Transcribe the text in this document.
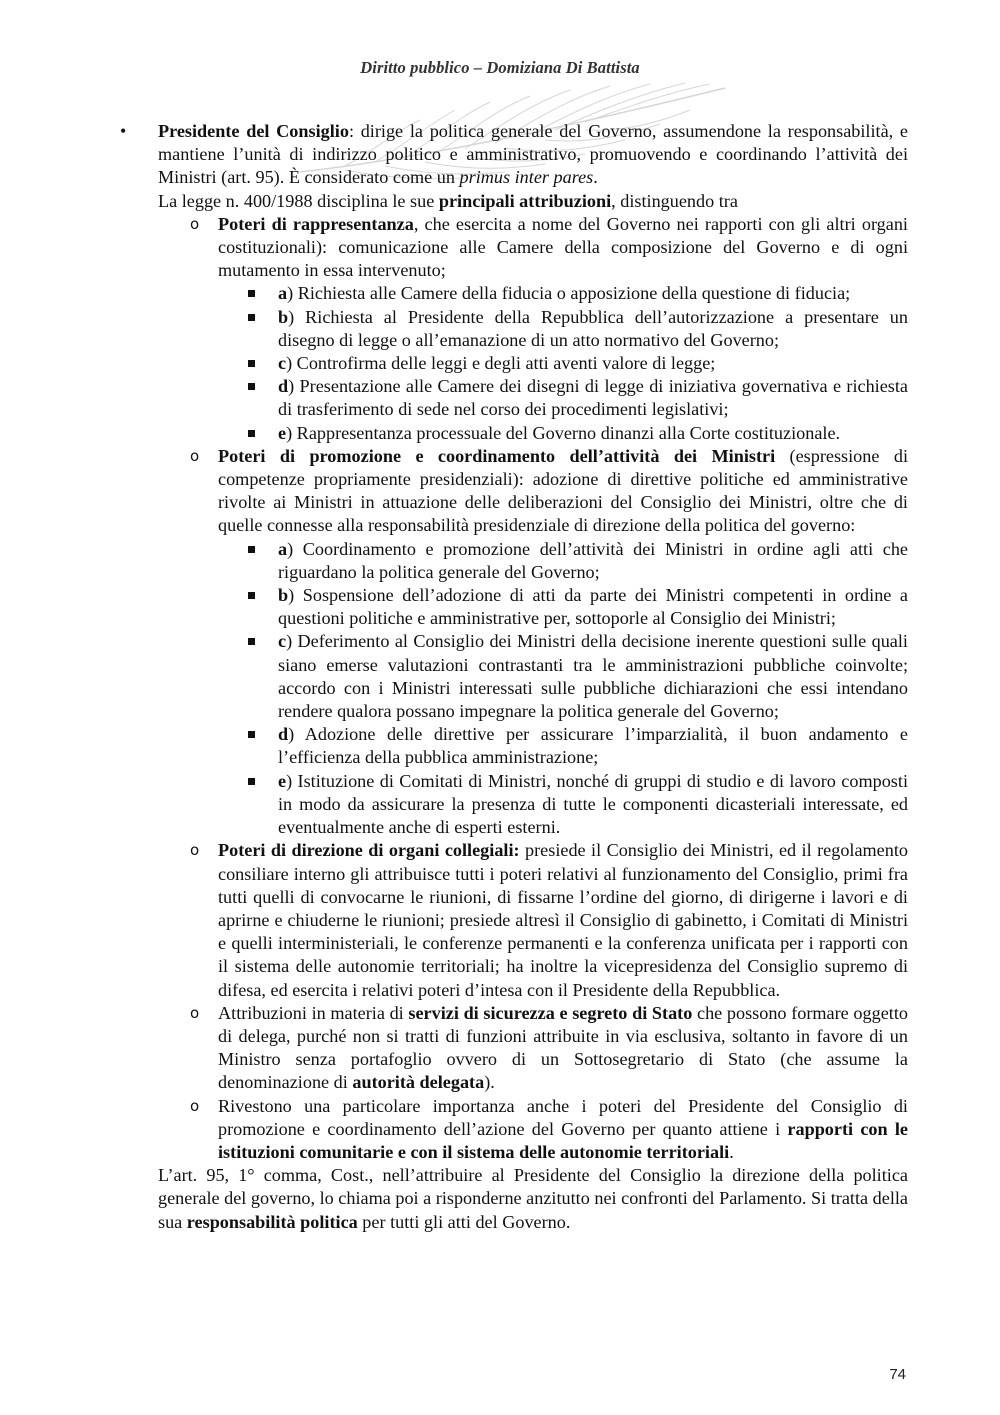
Diritto pubblico – Domiziana Di Battista
• Presidente del Consiglio: dirige la politica generale del Governo, assumendone la responsabilità, e mantiene l’unità di indirizzo politico e amministrativo, promuovendo e coordinando l’attività dei Ministri (art. 95). È considerato come un primus inter pares.

La legge n. 400/1988 disciplina le sue principali attribuzioni, distinguendo tra

o Poteri di rappresentanza, che esercita a nome del Governo nei rapporti con gli altri organi costituzionali): comunicazione alle Camere della composizione del Governo e di ogni mutamento in essa intervenuto;

a) Richiesta alle Camere della fiducia o apposizione della questione di fiducia;

b) Richiesta al Presidente della Repubblica dell’autorizzazione a presentare un disegno di legge o all’emanazione di un atto normativo del Governo;

c) Controfirma delle leggi e degli atti aventi valore di legge;

d) Presentazione alle Camere dei disegni di legge di iniziativa governativa e richiesta di trasferimento di sede nel corso dei procedimenti legislativi;

e) Rappresentanza processuale del Governo dinanzi alla Corte costituzionale.

o Poteri di promozione e coordinamento dell’attività dei Ministri (espressione di competenze propriamente presidenziali): adozione di direttive politiche ed amministrative rivolte ai Ministri in attuazione delle deliberazioni del Consiglio dei Ministri, oltre che di quelle connesse alla responsabilità presidenziale di direzione della politica del governo:

a) Coordinamento e promozione dell’attività dei Ministri in ordine agli atti che riguardano la politica generale del Governo;

b) Sospensione dell’adozione di atti da parte dei Ministri competenti in ordine a questioni politiche e amministrative per, sottoporle al Consiglio dei Ministri;

c) Deferimento al Consiglio dei Ministri della decisione inerente questioni sulle quali siano emerse valutazioni contrastanti tra le amministrazioni pubbliche coinvolte; accordo con i Ministri interessati sulle pubbliche dichiarazioni che essi intendano rendere qualora possano impegnare la politica generale del Governo;

d) Adozione delle direttive per assicurare l’imparzialità, il buon andamento e l’efficienza della pubblica amministrazione;

e) Istituzione di Comitati di Ministri, nonché di gruppi di studio e di lavoro composti in modo da assicurare la presenza di tutte le componenti dicasteriali interessate, ed eventualmente anche di esperti esterni.

o Poteri di direzione di organi collegiali: presiede il Consiglio dei Ministri, ed il regolamento consiliare interno gli attribuisce tutti i poteri relativi al funzionamento del Consiglio, primi fra tutti quelli di convocarne le riunioni, di fissarne l’ordine del giorno, di dirigerne i lavori e di aprirne e chiuderne le riunioni; presiede altresì il Consiglio di gabinetto, i Comitati di Ministri e quelli interministeriali, le conferenze permanenti e la conferenza unificata per i rapporti con il sistema delle autonomie territoriali; ha inoltre la vicepresidenza del Consiglio supremo di difesa, ed esercita i relativi poteri d’intesa con il Presidente della Repubblica.

o Attribuzioni in materia di servizi di sicurezza e segreto di Stato che possono formare oggetto di delega, purché non si tratti di funzioni attribuite in via esclusiva, soltanto in favore di un Ministro senza portafoglio ovvero di un Sottosegretario di Stato (che assume la denominazione di autorità delegata).

o Rivestono una particolare importanza anche i poteri del Presidente del Consiglio di promozione e coordinamento dell’azione del Governo per quanto attiene i rapporti con le istituzioni comunitarie e con il sistema delle autonomie territoriali.

L’art. 95, 1° comma, Cost., nell’attribuire al Presidente del Consiglio la direzione della politica generale del governo, lo chiama poi a risponderne anzitutto nei confronti del Parlamento. Si tratta della sua responsabilità politica per tutti gli atti del Governo.

74
